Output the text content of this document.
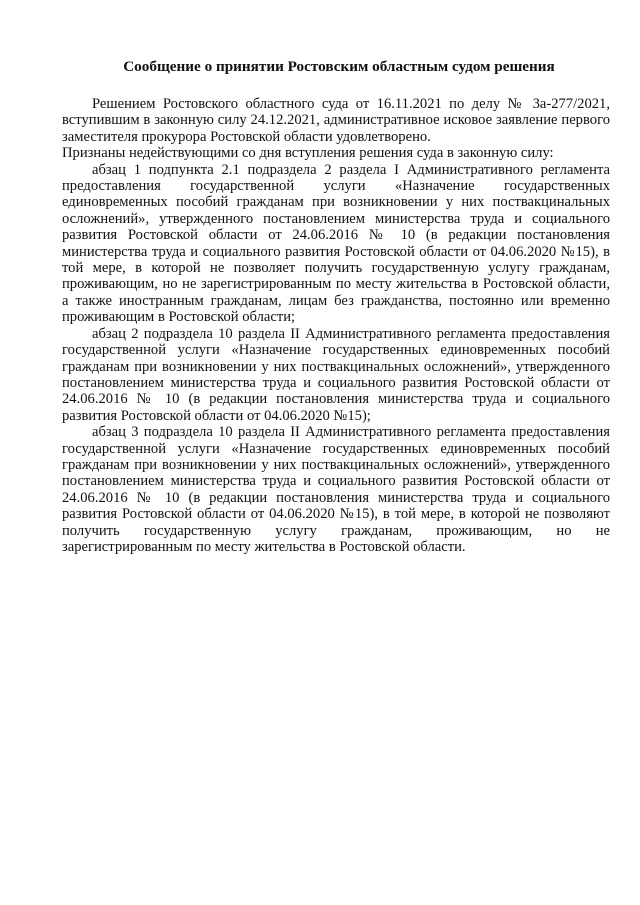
Сообщение о принятии Ростовским областным судом решения

Решением Ростовского областного суда от 16.11.2021 по делу № 3а-277/2021, вступившим в законную силу 24.12.2021, административное исковое заявление первого заместителя прокурора Ростовской области удовлетворено.

Признаны недействующими со дня вступления решения суда в законную силу:

абзац 1 подпункта 2.1 подраздела 2 раздела I Административного регламента предоставления государственной услуги «Назначение государственных единовременных пособий гражданам при возникновении у них поствакцинальных осложнений», утвержденного постановлением министерства труда и социального развития Ростовской области от 24.06.2016 № 10 (в редакции постановления министерства труда и социального развития Ростовской области от 04.06.2020 №15), в той мере, в которой не позволяет получить государственную услугу гражданам, проживающим, но не зарегистрированным по месту жительства в Ростовской области, а также иностранным гражданам, лицам без гражданства, постоянно или временно проживающим в Ростовской области;

абзац 2 подраздела 10 раздела II Административного регламента предоставления государственной услуги «Назначение государственных единовременных пособий гражданам при возникновении у них поствакцинальных осложнений», утвержденного постановлением министерства труда и социального развития Ростовской области от 24.06.2016 № 10 (в редакции постановления министерства труда и социального развития Ростовской области от 04.06.2020 №15);

абзац 3 подраздела 10 раздела II Административного регламента предоставления государственной услуги «Назначение государственных единовременных пособий гражданам при возникновении у них поствакцинальных осложнений», утвержденного постановлением министерства труда и социального развития Ростовской области от 24.06.2016 № 10 (в редакции постановления министерства труда и социального развития Ростовской области от 04.06.2020 №15), в той мере, в которой не позволяют получить государственную услугу гражданам, проживающим, но не зарегистрированным по месту жительства в Ростовской области.
